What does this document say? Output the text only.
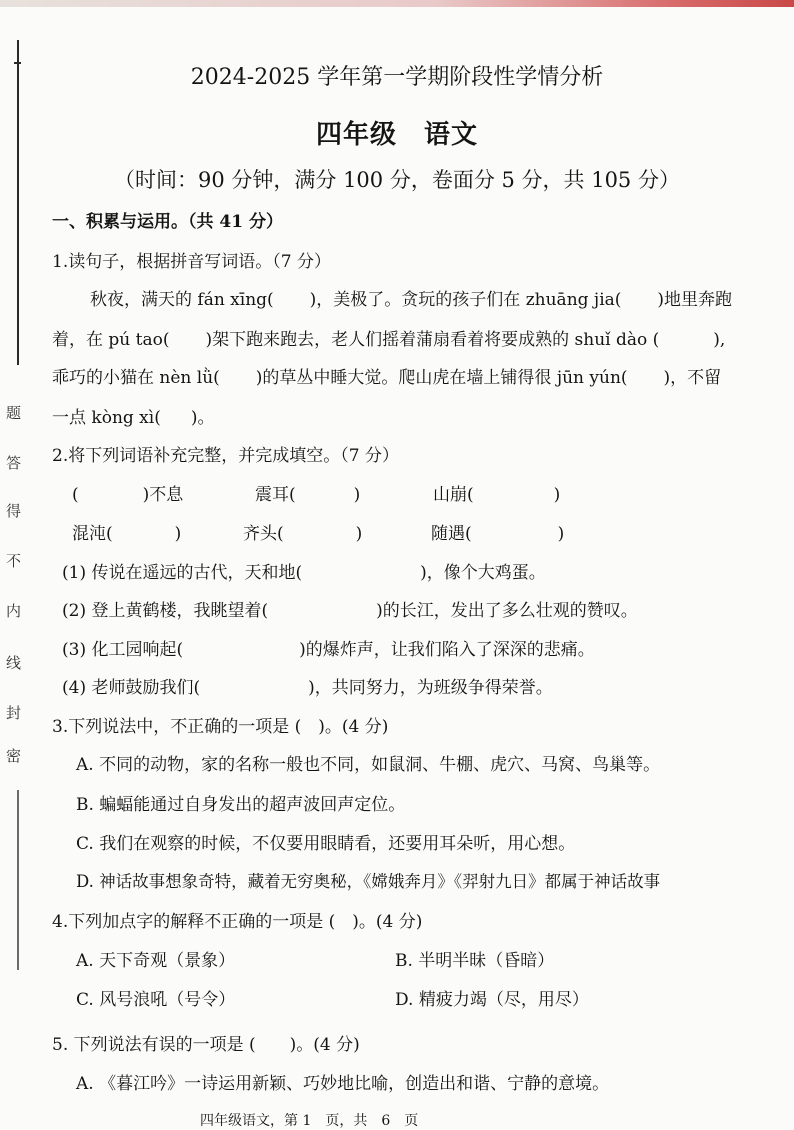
题
答
得
不
内
线
封
密
2024-2025 学年第一学期阶段性学情分析
四年级　语文
（时间：90 分钟，满分 100 分，卷面分 5 分，共 105 分）
一、积累与运用。（共 41 分）
1.读句子，根据拼音写词语。（7 分）
秋夜，满天的 fán xīng( )，美极了。贪玩的孩子们在 zhuāng jia( )地里奔跑
着，在 pú tao( )架下跑来跑去，老人们摇着蒲扇看着将要成熟的 shuǐ dào (	),
乖巧的小猫在 nèn lǜ( )的草丛中睡大觉。爬山虎在墙上铺得很 jūn yún( )，不留
一点 kòng xì( )。
2.将下列词语补充完整，并完成填空。（7 分）
(	)不息	震耳(	)	山崩(	)
混沌(	)	齐头(	)	随遇(	)
(1) 传说在遥远的古代，天和地(	)，像个大鸡蛋。
(2) 登上黄鹤楼，我眺望着(	)的长江，发出了多么壮观的赞叹。
(3) 化工园响起(	)的爆炸声，让我们陷入了深深的悲痛。
(4) 老师鼓励我们(	)，共同努力，为班级争得荣誉。
3.下列说法中，不正确的一项是 (　)。(4 分)
A. 不同的动物，家的名称一般也不同，如鼠洞、牛棚、虎穴、马窝、鸟巢等。
B. 蝙蝠能通过自身发出的超声波回声定位。
C. 我们在观察的时候，不仅要用眼睛看，还要用耳朵听，用心想。
D. 神话故事想象奇特，藏着无穷奥秘，《嫦娥奔月》《羿射九日》都属于神话故事
4.下列加点字的解释不正确的一项是 (　)。(4 分)
A. 天下奇观（景象）	B. 半明半昧（昏暗）
C. 风号浪吼（号令）	D. 精疲力竭（尽，用尽）
5. 下列说法有误的一项是 (　　)。(4 分)
A. 《暮江吟》一诗运用新颖、巧妙地比喻，创造出和谐、宁静的意境。
四年级语文，第 1　页，共　6　页
